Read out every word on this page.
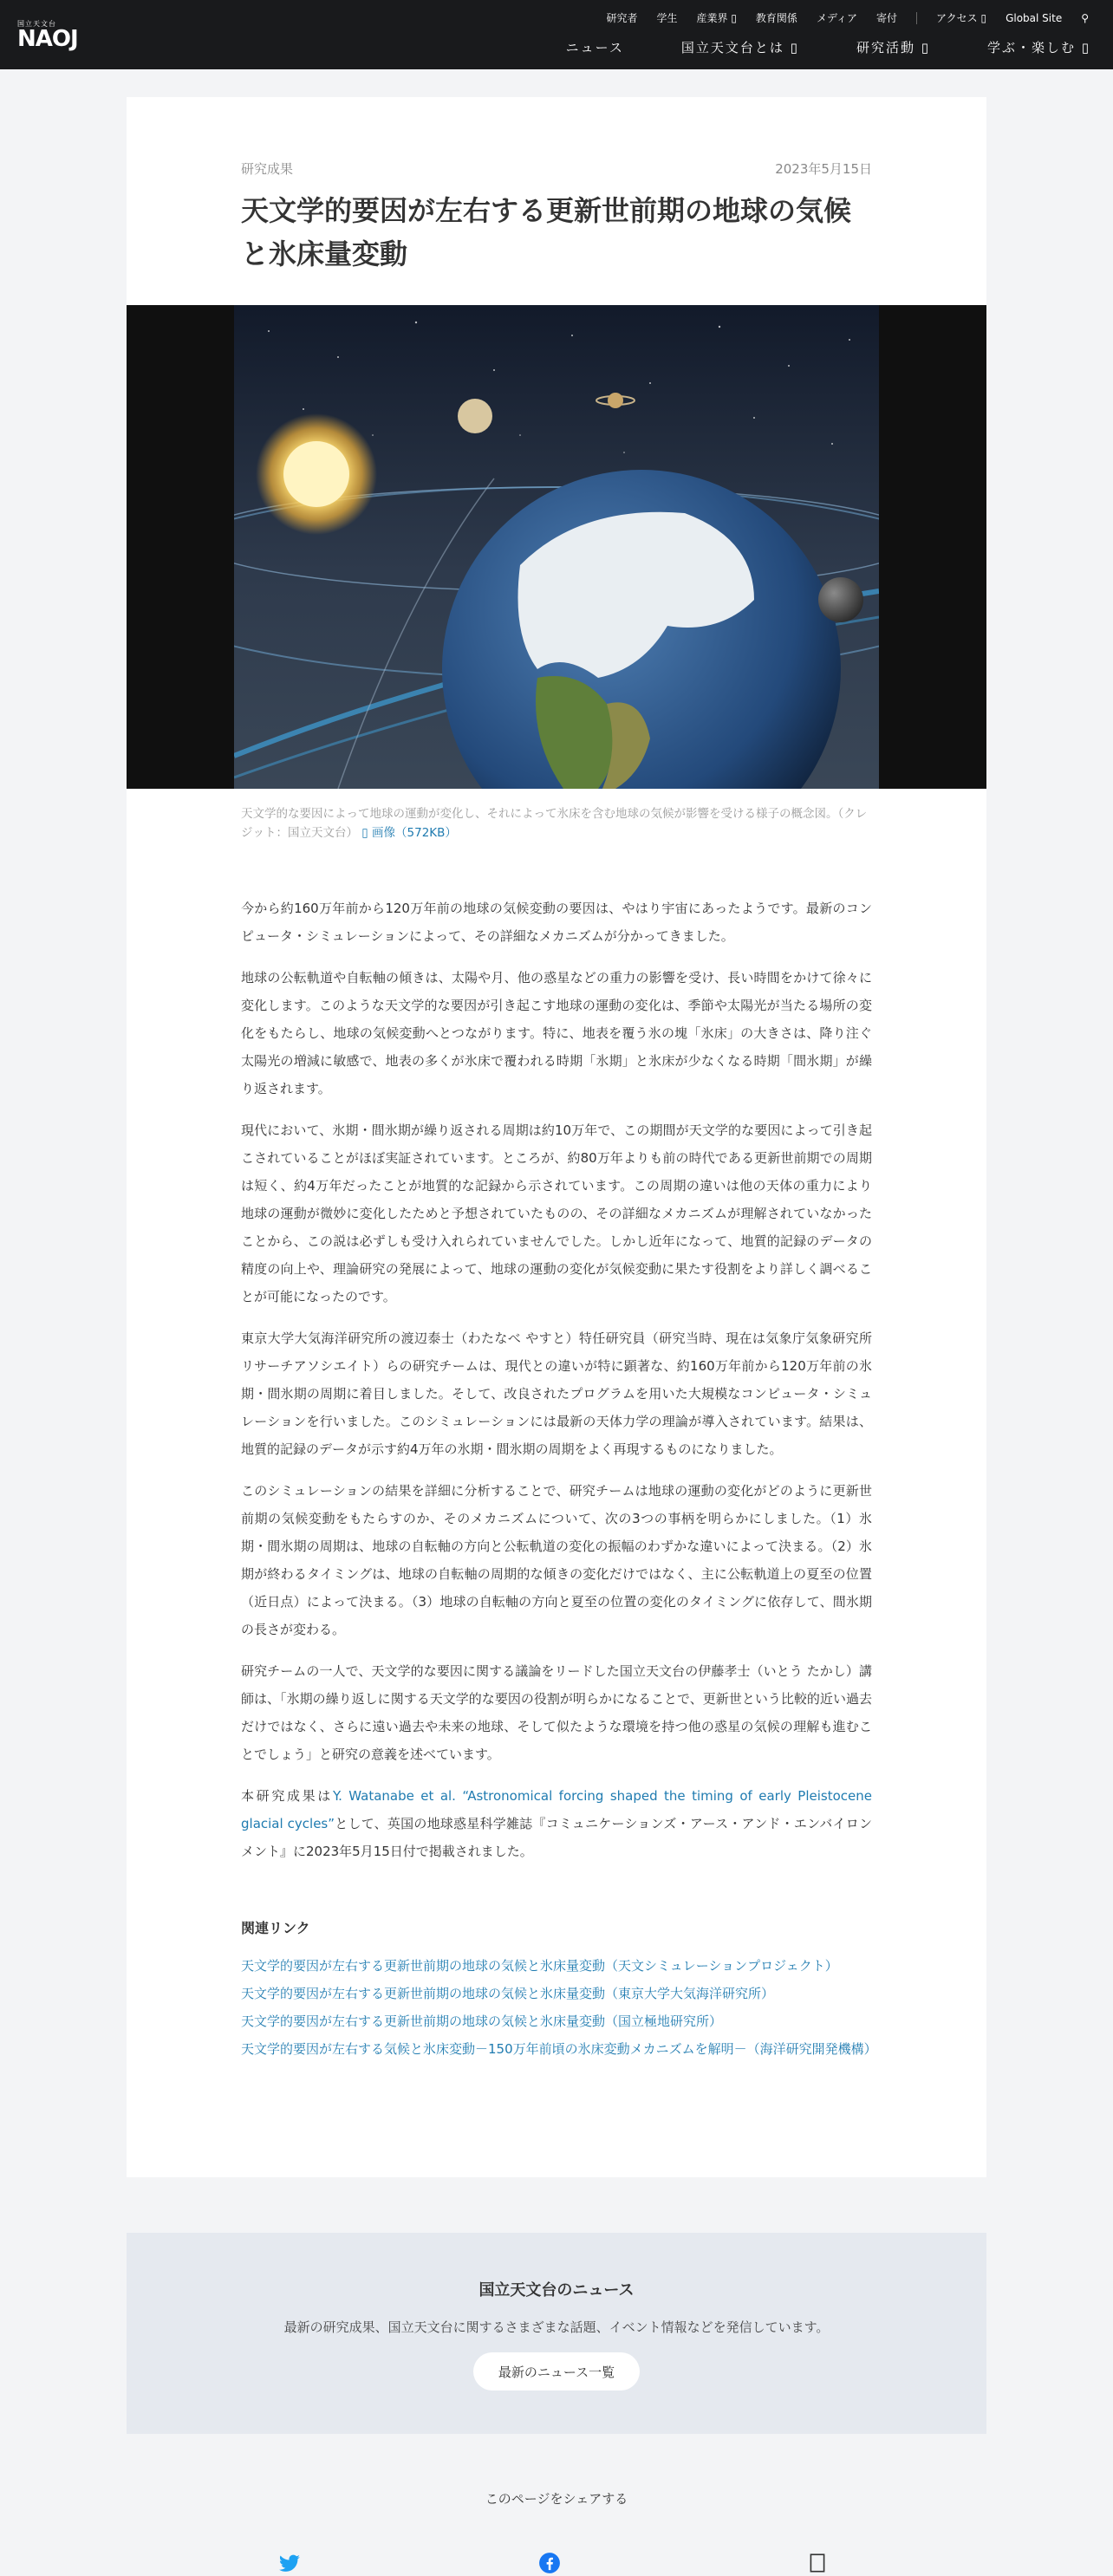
国立天文台
NAOJ
研究者 学生 産業界 ▯ 教育関係 メディア 寄付	アクセス ▯ Global Site ⚲
ニュース	国立天文台とは ▯	研究活動 ▯	学ぶ・楽しむ ▯
研究成果	2023年5月15日
天文学的要因が左右する更新世前期の地球の気候と氷床量変動
天文学的な要因によって地球の運動が変化し、それによって氷床を含む地球の気候が影響を受ける様子の概念図。（クレジット：国立天文台） ▯ 画像（572KB）

今から約160万年前から120万年前の地球の気候変動の要因は、やはり宇宙にあったようです。最新のコンピュータ・シミュレーションによって、その詳細なメカニズムが分かってきました。

地球の公転軌道や自転軸の傾きは、太陽や月、他の惑星などの重力の影響を受け、長い時間をかけて徐々に変化します。このような天文学的な要因が引き起こす地球の運動の変化は、季節や太陽光が当たる場所の変化をもたらし、地球の気候変動へとつながります。特に、地表を覆う氷の塊「氷床」の大きさは、降り注ぐ太陽光の増減に敏感で、地表の多くが氷床で覆われる時期「氷期」と氷床が少なくなる時期「間氷期」が繰り返されます。

現代において、氷期・間氷期が繰り返される周期は約10万年で、この期間が天文学的な要因によって引き起こされていることがほぼ実証されています。ところが、約80万年よりも前の時代である更新世前期での周期は短く、約4万年だったことが地質的な記録から示されています。この周期の違いは他の天体の重力により地球の運動が微妙に変化したためと予想されていたものの、その詳細なメカニズムが理解されていなかったことから、この説は必ずしも受け入れられていませんでした。しかし近年になって、地質的記録のデータの精度の向上や、理論研究の発展によって、地球の運動の変化が気候変動に果たす役割をより詳しく調べることが可能になったのです。

東京大学大気海洋研究所の渡辺泰士（わたなべ やすと）特任研究員（研究当時、現在は気象庁気象研究所 リサーチアソシエイト）らの研究チームは、現代との違いが特に顕著な、約160万年前から120万年前の氷期・間氷期の周期に着目しました。そして、改良されたプログラムを用いた大規模なコンピュータ・シミュレーションを行いました。このシミュレーションには最新の天体力学の理論が導入されています。結果は、地質的記録のデータが示す約4万年の氷期・間氷期の周期をよく再現するものになりました。

このシミュレーションの結果を詳細に分析することで、研究チームは地球の運動の変化がどのように更新世前期の気候変動をもたらすのか、そのメカニズムについて、次の3つの事柄を明らかにしました。（1）氷期・間氷期の周期は、地球の自転軸の方向と公転軌道の変化の振幅のわずかな違いによって決まる。（2）氷期が終わるタイミングは、地球の自転軸の周期的な傾きの変化だけではなく、主に公転軌道上の夏至の位置（近日点）によって決まる。（3）地球の自転軸の方向と夏至の位置の変化のタイミングに依存して、間氷期の長さが変わる。

研究チームの一人で、天文学的な要因に関する議論をリードした国立天文台の伊藤孝士（いとう たかし）講師は、「氷期の繰り返しに関する天文学的な要因の役割が明らかになることで、更新世という比較的近い過去だけではなく、さらに遠い過去や未来の地球、そして似たような環境を持つ他の惑星の気候の理解も進むことでしょう」と研究の意義を述べています。

本研究成果はY. Watanabe et al. “Astronomical forcing shaped the timing of early Pleistocene glacial cycles”として、英国の地球惑星科学雑誌『コミュニケーションズ・アース・アンド・エンバイロンメント』に2023年5月15日付で掲載されました。

関連リンク
天文学的要因が左右する更新世前期の地球の気候と氷床量変動（天文シミュレーションプロジェクト）
天文学的要因が左右する更新世前期の地球の気候と氷床量変動（東京大学大気海洋研究所）
天文学的要因が左右する更新世前期の地球の気候と氷床量変動（国立極地研究所）
天文学的要因が左右する気候と氷床変動－150万年前頃の氷床変動メカニズムを解明－（海洋研究開発機構）
国立天文台のニュース
最新の研究成果、国立天文台に関するさまざまな話題、イベント情報などを発信しています。
最新のニュース一覧
このページをシェアする
